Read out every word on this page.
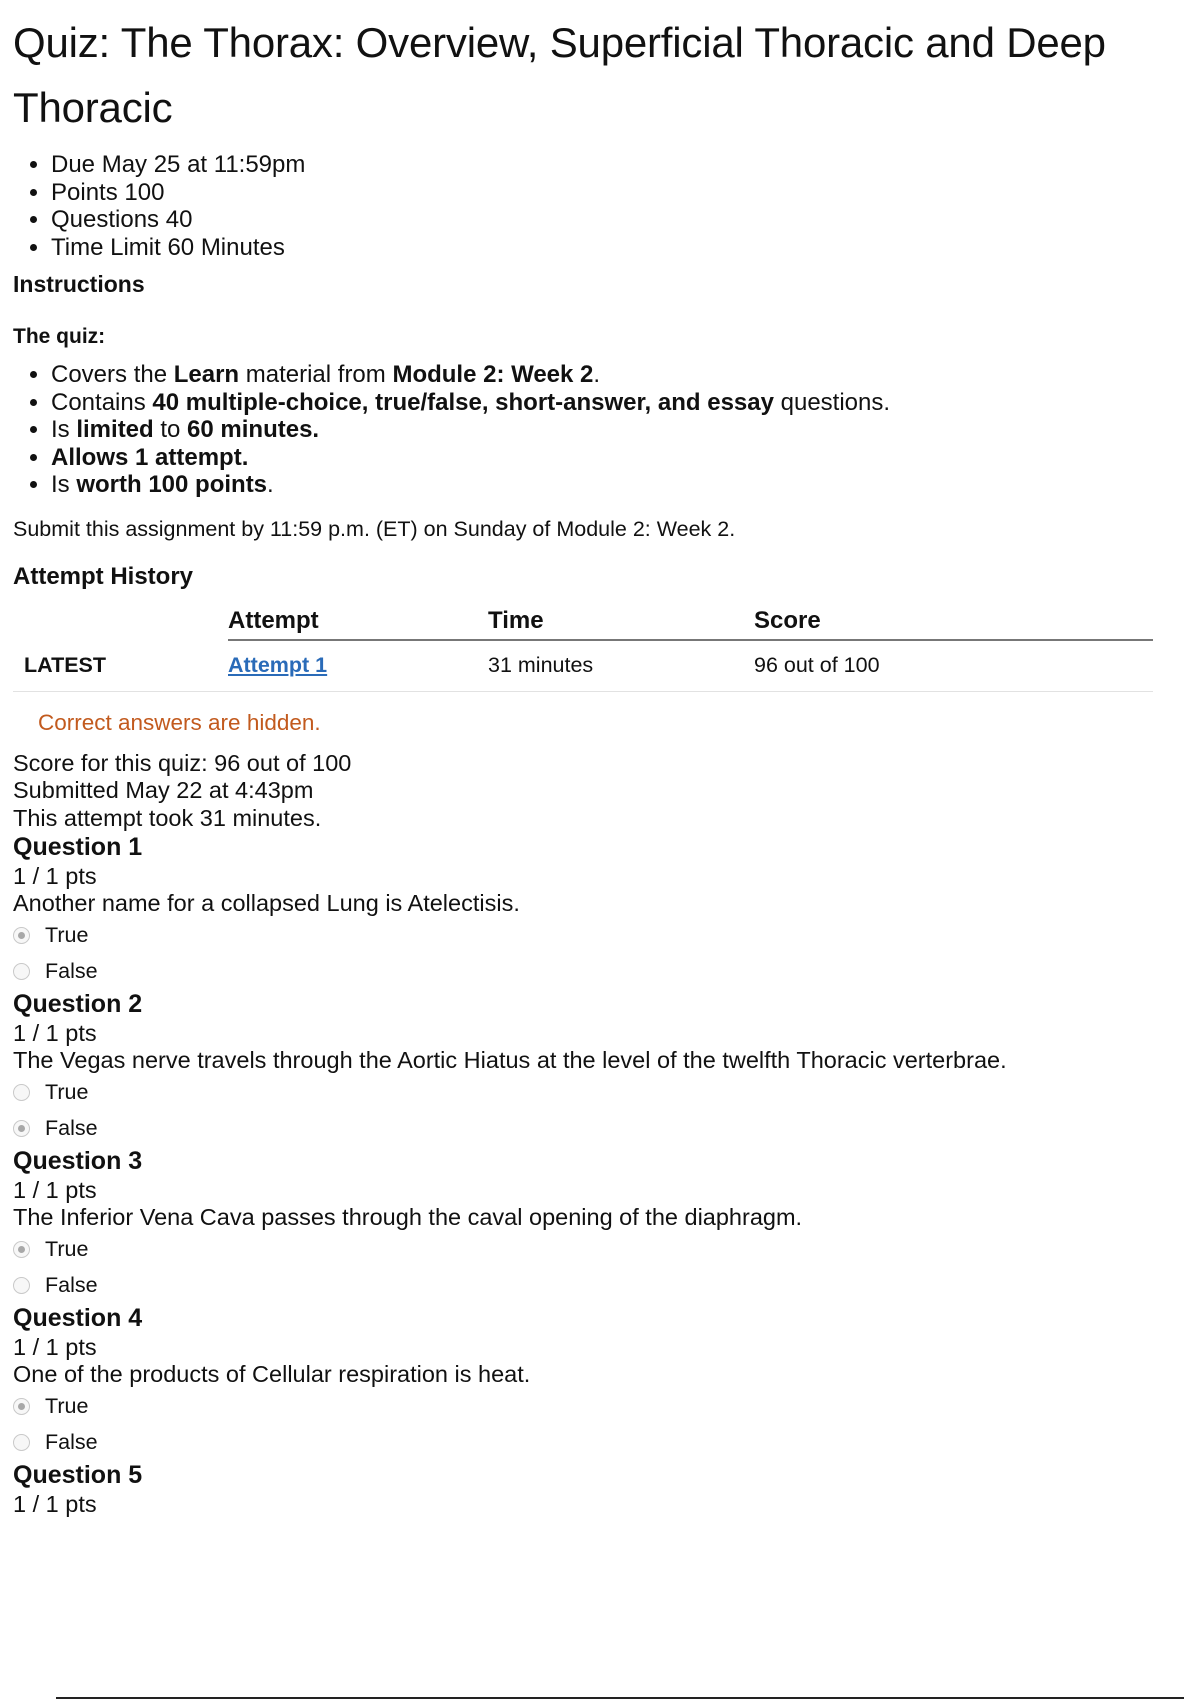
Quiz: The Thorax: Overview, Superficial Thoracic and Deep Thoracic
• Due May 25 at 11:59pm
• Points 100
• Questions 40
• Time Limit 60 Minutes
Instructions
The quiz:
• Covers the Learn material from Module 2: Week 2.
• Contains 40 multiple-choice, true/false, short-answer, and essay questions.
• Is limited to 60 minutes.
• Allows 1 attempt.
• Is worth 100 points.
Submit this assignment by 11:59 p.m. (ET) on Sunday of Module 2: Week 2.
Attempt History
	Attempt	Time	Score
LATEST	Attempt 1	31 minutes	96 out of 100
Correct answers are hidden.
Score for this quiz: 96 out of 100
Submitted May 22 at 4:43pm
This attempt took 31 minutes.
Question 1
1 / 1 pts
Another name for a collapsed Lung is Atelectisis.
True
False
Question 2
1 / 1 pts
The Vegas nerve travels through the Aortic Hiatus at the level of the twelfth Thoracic verterbrae.
True
False
Question 3
1 / 1 pts
The Inferior Vena Cava passes through the caval opening of the diaphragm.
True
False
Question 4
1 / 1 pts
One of the products of Cellular respiration is heat.
True
False
Question 5
1 / 1 pts
